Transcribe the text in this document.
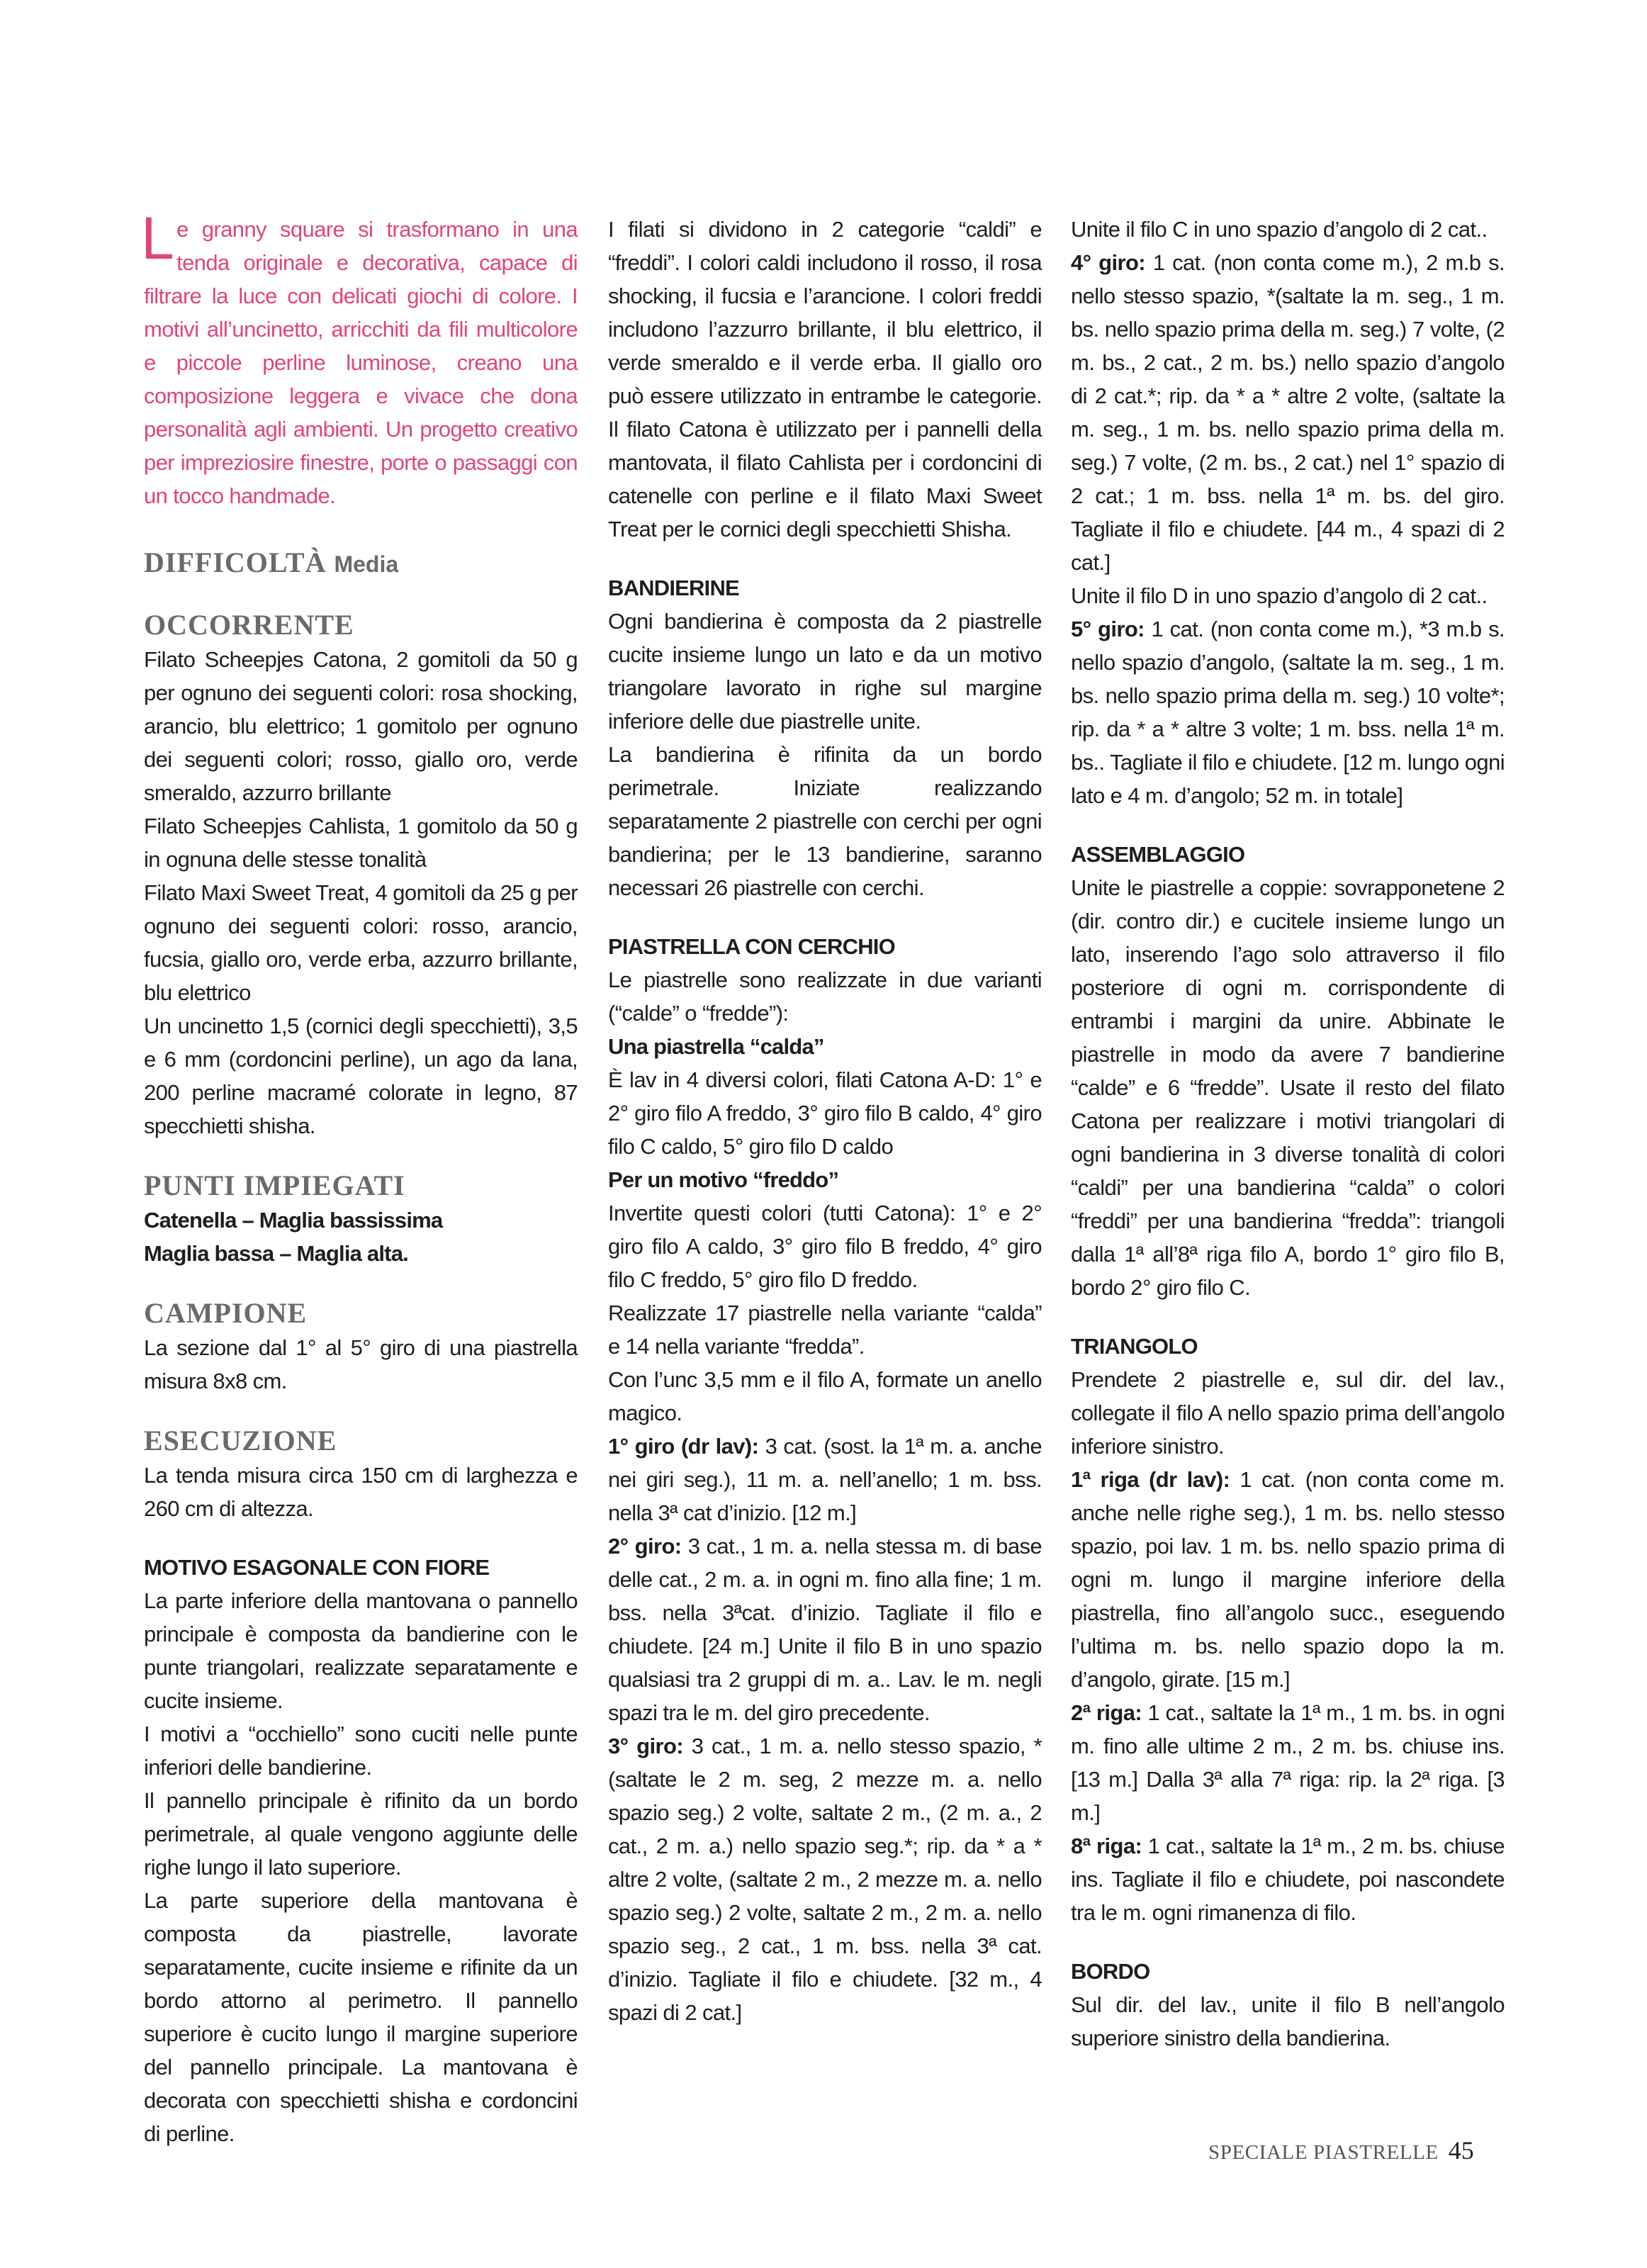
Le granny square si trasformano in una tenda originale e decorativa, capace di filtrare la luce con delicati giochi di colore. I motivi all’uncinetto, arricchiti da fili multicolore e piccole perline luminose, creano una composizione leggera e vivace che dona personalità agli ambienti. Un progetto creativo per impreziosire finestre, porte o passaggi con un tocco handmade.

DIFFICOLTÀ Media

OCCORRENTE

Filato Scheepjes Catona, 2 gomitoli da 50 g per ognuno dei seguenti colori: rosa shocking, arancio, blu elettrico; 1 gomitolo per ognuno dei seguenti colori; rosso, giallo oro, verde smeraldo, azzurro brillante

Filato Scheepjes Cahlista, 1 gomitolo da 50 g in ognuna delle stesse tonalità

Filato Maxi Sweet Treat, 4 gomitoli da 25 g per ognuno dei seguenti colori: rosso, arancio, fucsia, giallo oro, verde erba, azzurro brillante, blu elettrico

Un uncinetto 1,5 (cornici degli specchietti), 3,5 e 6 mm (cordoncini perline), un ago da lana, 200 perline macramé colorate in legno, 87 specchietti shisha.

PUNTI IMPIEGATI

Catenella – Maglia bassissima

Maglia bassa – Maglia alta.

CAMPIONE

La sezione dal 1° al 5° giro di una piastrella misura 8x8 cm.

ESECUZIONE

La tenda misura circa 150 cm di larghezza e 260 cm di altezza.

MOTIVO ESAGONALE CON FIORE

La parte inferiore della mantovana o pannello principale è composta da bandierine con le punte triangolari, realizzate separatamente e cucite insieme.

I motivi a “occhiello” sono cuciti nelle punte inferiori delle bandierine.

Il pannello principale è rifinito da un bordo perimetrale, al quale vengono aggiunte delle righe lungo il lato superiore.

La parte superiore della mantovana è composta da piastrelle, lavorate separatamente, cucite insieme e rifinite da un bordo attorno al perimetro. Il pannello superiore è cucito lungo il margine superiore del pannello principale. La mantovana è decorata con specchietti shisha e cordoncini di perline.

I filati si dividono in 2 categorie “caldi” e “freddi”. I colori caldi includono il rosso, il rosa shocking, il fucsia e l’arancione. I colori freddi includono l’azzurro brillante, il blu elettrico, il verde smeraldo e il verde erba. Il giallo oro può essere utilizzato in entrambe le categorie. Il filato Catona è utilizzato per i pannelli della mantovata, il filato Cahlista per i cordoncini di catenelle con perline e il filato Maxi Sweet Treat per le cornici degli specchietti Shisha.

BANDIERINE

Ogni bandierina è composta da 2 piastrelle cucite insieme lungo un lato e da un motivo triangolare lavorato in righe sul margine inferiore delle due piastrelle unite.

La bandierina è rifinita da un bordo perimetrale. Iniziate realizzando separatamente 2 piastrelle con cerchi per ogni bandierina; per le 13 bandierine, saranno necessari 26 piastrelle con cerchi.

PIASTRELLA CON CERCHIO

Le piastrelle sono realizzate in due varianti (“calde” o “fredde”):

Una piastrella “calda”

È lav in 4 diversi colori, filati Catona A-D: 1° e 2° giro filo A freddo, 3° giro filo B caldo, 4° giro filo C caldo, 5° giro filo D caldo

Per un motivo “freddo”

Invertite questi colori (tutti Catona): 1° e 2° giro filo A caldo, 3° giro filo B freddo, 4° giro filo C freddo, 5° giro filo D freddo.

Realizzate 17 piastrelle nella variante “calda” e 14 nella variante “fredda”.

Con l’unc 3,5 mm e il filo A, formate un anello magico.

1° giro (dr lav): 3 cat. (sost. la 1ª m. a. anche nei giri seg.), 11 m. a. nell’anello; 1 m. bss. nella 3ª cat d’inizio. [12 m.]

2° giro: 3 cat., 1 m. a. nella stessa m. di base delle cat., 2 m. a. in ogni m. fino alla fine; 1 m. bss. nella 3ªcat. d’inizio. Tagliate il filo e chiudete. [24 m.] Unite il filo B in uno spazio qualsiasi tra 2 gruppi di m. a.. Lav. le m. negli spazi tra le m. del giro precedente.

3° giro: 3 cat., 1 m. a. nello stesso spazio, *(saltate le 2 m. seg, 2 mezze m. a. nello spazio seg.) 2 volte, saltate 2 m., (2 m. a., 2 cat., 2 m. a.) nello spazio seg.*; rip. da * a * altre 2 volte, (saltate 2 m., 2 mezze m. a. nello spazio seg.) 2 volte, saltate 2 m., 2 m. a. nello spazio seg., 2 cat., 1 m. bss. nella 3ª cat. d’inizio. Tagliate il filo e chiudete. [32 m., 4 spazi di 2 cat.]

Unite il filo C in uno spazio d’angolo di 2 cat..

4° giro: 1 cat. (non conta come m.), 2 m.b s. nello stesso spazio, *(saltate la m. seg., 1 m. bs. nello spazio prima della m. seg.) 7 volte, (2 m. bs., 2 cat., 2 m. bs.) nello spazio d’angolo di 2 cat.*; rip. da * a * altre 2 volte, (saltate la m. seg., 1 m. bs. nello spazio prima della m. seg.) 7 volte, (2 m. bs., 2 cat.) nel 1° spazio di 2 cat.; 1 m. bss. nella 1ª m. bs. del giro. Tagliate il filo e chiudete. [44 m., 4 spazi di 2 cat.]

Unite il filo D in uno spazio d’angolo di 2 cat..

5° giro: 1 cat. (non conta come m.), *3 m.b s. nello spazio d’angolo, (saltate la m. seg., 1 m. bs. nello spazio prima della m. seg.) 10 volte*; rip. da * a * altre 3 volte; 1 m. bss. nella 1ª m. bs.. Tagliate il filo e chiudete. [12 m. lungo ogni lato e 4 m. d’angolo; 52 m. in totale]

ASSEMBLAGGIO

Unite le piastrelle a coppie: sovrapponetene 2 (dir. contro dir.) e cucitele insieme lungo un lato, inserendo l’ago solo attraverso il filo posteriore di ogni m. corrispondente di entrambi i margini da unire. Abbinate le piastrelle in modo da avere 7 bandierine “calde” e 6 “fredde”. Usate il resto del filato Catona per realizzare i motivi triangolari di ogni bandierina in 3 diverse tonalità di colori “caldi” per una bandierina “calda” o colori “freddi” per una bandierina “fredda”: triangoli dalla 1ª all’8ª riga filo A, bordo 1° giro filo B, bordo 2° giro filo C.

TRIANGOLO

Prendete 2 piastrelle e, sul dir. del lav., collegate il filo A nello spazio prima dell’angolo inferiore sinistro.

1ª riga (dr lav): 1 cat. (non conta come m. anche nelle righe seg.), 1 m. bs. nello stesso spazio, poi lav. 1 m. bs. nello spazio prima di ogni m. lungo il margine inferiore della piastrella, fino all’angolo succ., eseguendo l’ultima m. bs. nello spazio dopo la m. d’angolo, girate. [15 m.]

2ª riga: 1 cat., saltate la 1ª m., 1 m. bs. in ogni m. fino alle ultime 2 m., 2 m. bs. chiuse ins. [13 m.] Dalla 3ª alla 7ª riga: rip. la 2ª riga. [3 m.]

8ª riga: 1 cat., saltate la 1ª m., 2 m. bs. chiuse ins. Tagliate il filo e chiudete, poi nascondete tra le m. ogni rimanenza di filo.

BORDO

Sul dir. del lav., unite il filo B nell’angolo superiore sinistro della bandierina.

SPECIALE PIASTRELLE 45
